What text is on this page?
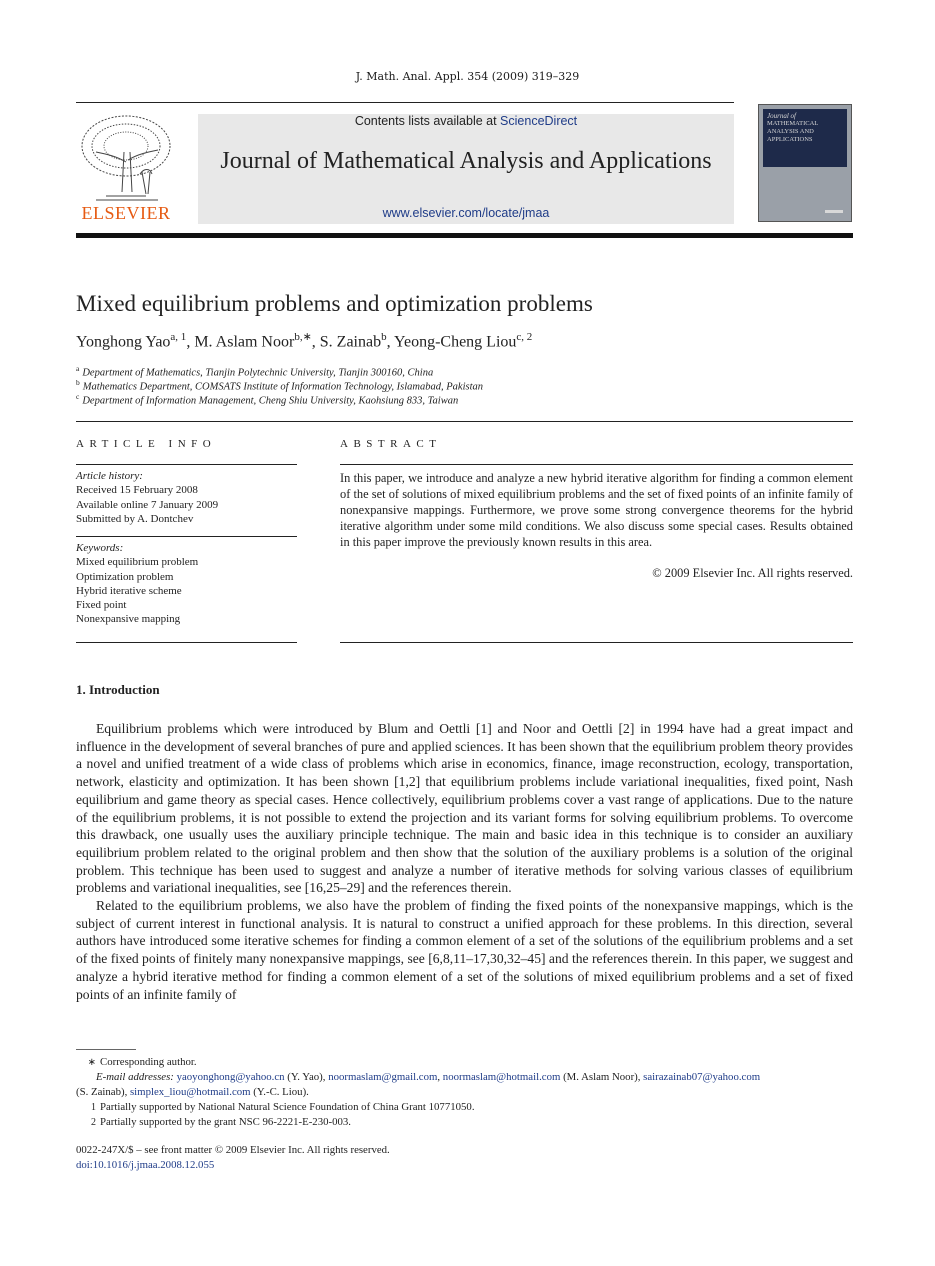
J. Math. Anal. Appl. 354 (2009) 319–329
ELSEVIER
Contents lists available at ScienceDirect
Journal of Mathematical Analysis and Applications
www.elsevier.com/locate/jmaa
Journal of
MATHEMATICAL ANALYSIS AND APPLICATIONS
Mixed equilibrium problems and optimization problems
Yonghong Yao$^{a, 1}$, M. Aslam Noor$^{b,∗}$, S. Zainab$^b$, Yeong-Cheng Liou$^{c, 2}$
$^a$ Department of Mathematics, Tianjin Polytechnic University, Tianjin 300160, China
$^b$ Mathematics Department, COMSATS Institute of Information Technology, Islamabad, Pakistan
$^c$ Department of Information Management, Cheng Shiu University, Kaohsiung 833, Taiwan
ARTICLE INFO
Article history:
Received 15 February 2008
Available online 7 January 2009
Submitted by A. Dontchev
Keywords:
Mixed equilibrium problem
Optimization problem
Hybrid iterative scheme
Fixed point
Nonexpansive mapping
ABSTRACT
In this paper, we introduce and analyze a new hybrid iterative algorithm for finding a common element of the set of solutions of mixed equilibrium problems and the set of fixed points of an infinite family of nonexpansive mappings. Furthermore, we prove some strong convergence theorems for the hybrid iterative algorithm under some mild conditions. We also discuss some special cases. Results obtained in this paper improve the previously known results in this area.
© 2009 Elsevier Inc. All rights reserved.
1. Introduction

Equilibrium problems which were introduced by Blum and Oettli [1] and Noor and Oettli [2] in 1994 have had a great impact and influence in the development of several branches of pure and applied sciences. It has been shown that the equilibrium problem theory provides a novel and unified treatment of a wide class of problems which arise in economics, finance, image reconstruction, ecology, transportation, network, elasticity and optimization. It has been shown [1,2] that equilibrium problems include variational inequalities, fixed point, Nash equilibrium and game theory as special cases. Hence collectively, equilibrium problems cover a vast range of applications. Due to the nature of the equilibrium problems, it is not possible to extend the projection and its variant forms for solving equilibrium problems. To overcome this drawback, one usually uses the auxiliary principle technique. The main and basic idea in this technique is to consider an auxiliary equilibrium problem related to the original problem and then show that the solution of the auxiliary problems is a solution of the original problem. This technique has been used to suggest and analyze a number of iterative methods for solving various classes of equilibrium problems and variational inequalities, see [16,25–29] and the references therein.

Related to the equilibrium problems, we also have the problem of finding the fixed points of the nonexpansive mappings, which is the subject of current interest in functional analysis. It is natural to construct a unified approach for these problems. In this direction, several authors have introduced some iterative schemes for finding a common element of a set of the solutions of the equilibrium problems and a set of the fixed points of finitely many nonexpansive mappings, see [6,8,11–17,30,32–45] and the references therein. In this paper, we suggest and analyze a hybrid iterative method for finding a common element of a set of the solutions of mixed equilibrium problems and a set of fixed points of an infinite family of

∗ Corresponding author.
E-mail addresses: yaoyonghong@yahoo.cn (Y. Yao), noormaslam@gmail.com, noormaslam@hotmail.com (M. Aslam Noor), sairazainab07@yahoo.com
(S. Zainab), simplex_liou@hotmail.com (Y.-C. Liou).
1 Partially supported by National Natural Science Foundation of China Grant 10771050.
2 Partially supported by the grant NSC 96-2221-E-230-003.
0022-247X/$ – see front matter © 2009 Elsevier Inc. All rights reserved.
doi:10.1016/j.jmaa.2008.12.055
